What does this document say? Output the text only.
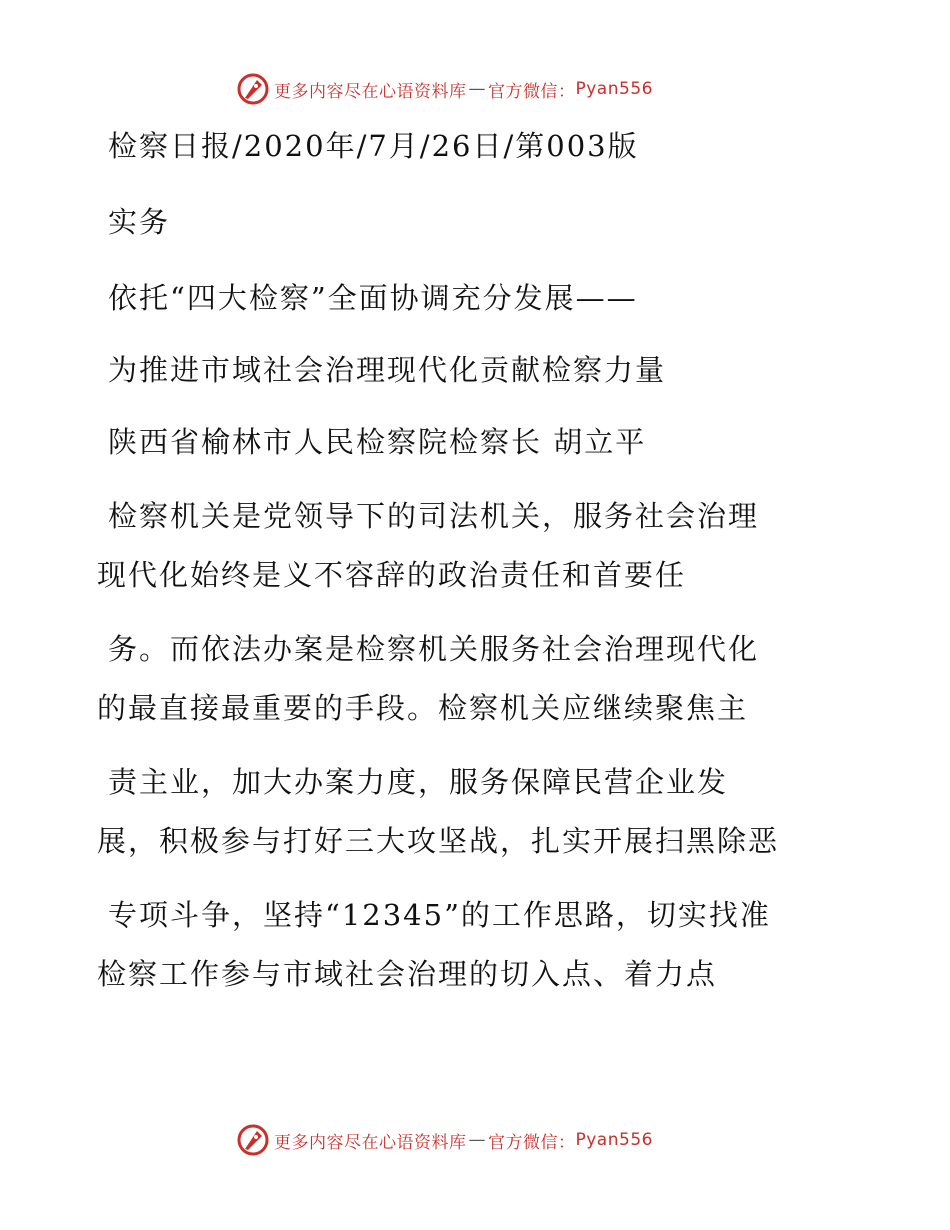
更多内容尽在心语资料库 — 官方微信： Pyan556
检察日报/2020年/7月/26日/第003版
实务
依托“四大检察”全面协调充分发展——
为推进市域社会治理现代化贡献检察力量
陕西省榆林市人民检察院检察长 胡立平
检察机关是党领导下的司法机关，服务社会治理
现代化始终是义不容辞的政治责任和首要任
务。而依法办案是检察机关服务社会治理现代化
的最直接最重要的手段。检察机关应继续聚焦主
责主业，加大办案力度，服务保障民营企业发
展，积极参与打好三大攻坚战，扎实开展扫黑除恶
专项斗争，坚持“12345”的工作思路，切实找准
检察工作参与市域社会治理的切入点、着力点
更多内容尽在心语资料库 — 官方微信： Pyan556
